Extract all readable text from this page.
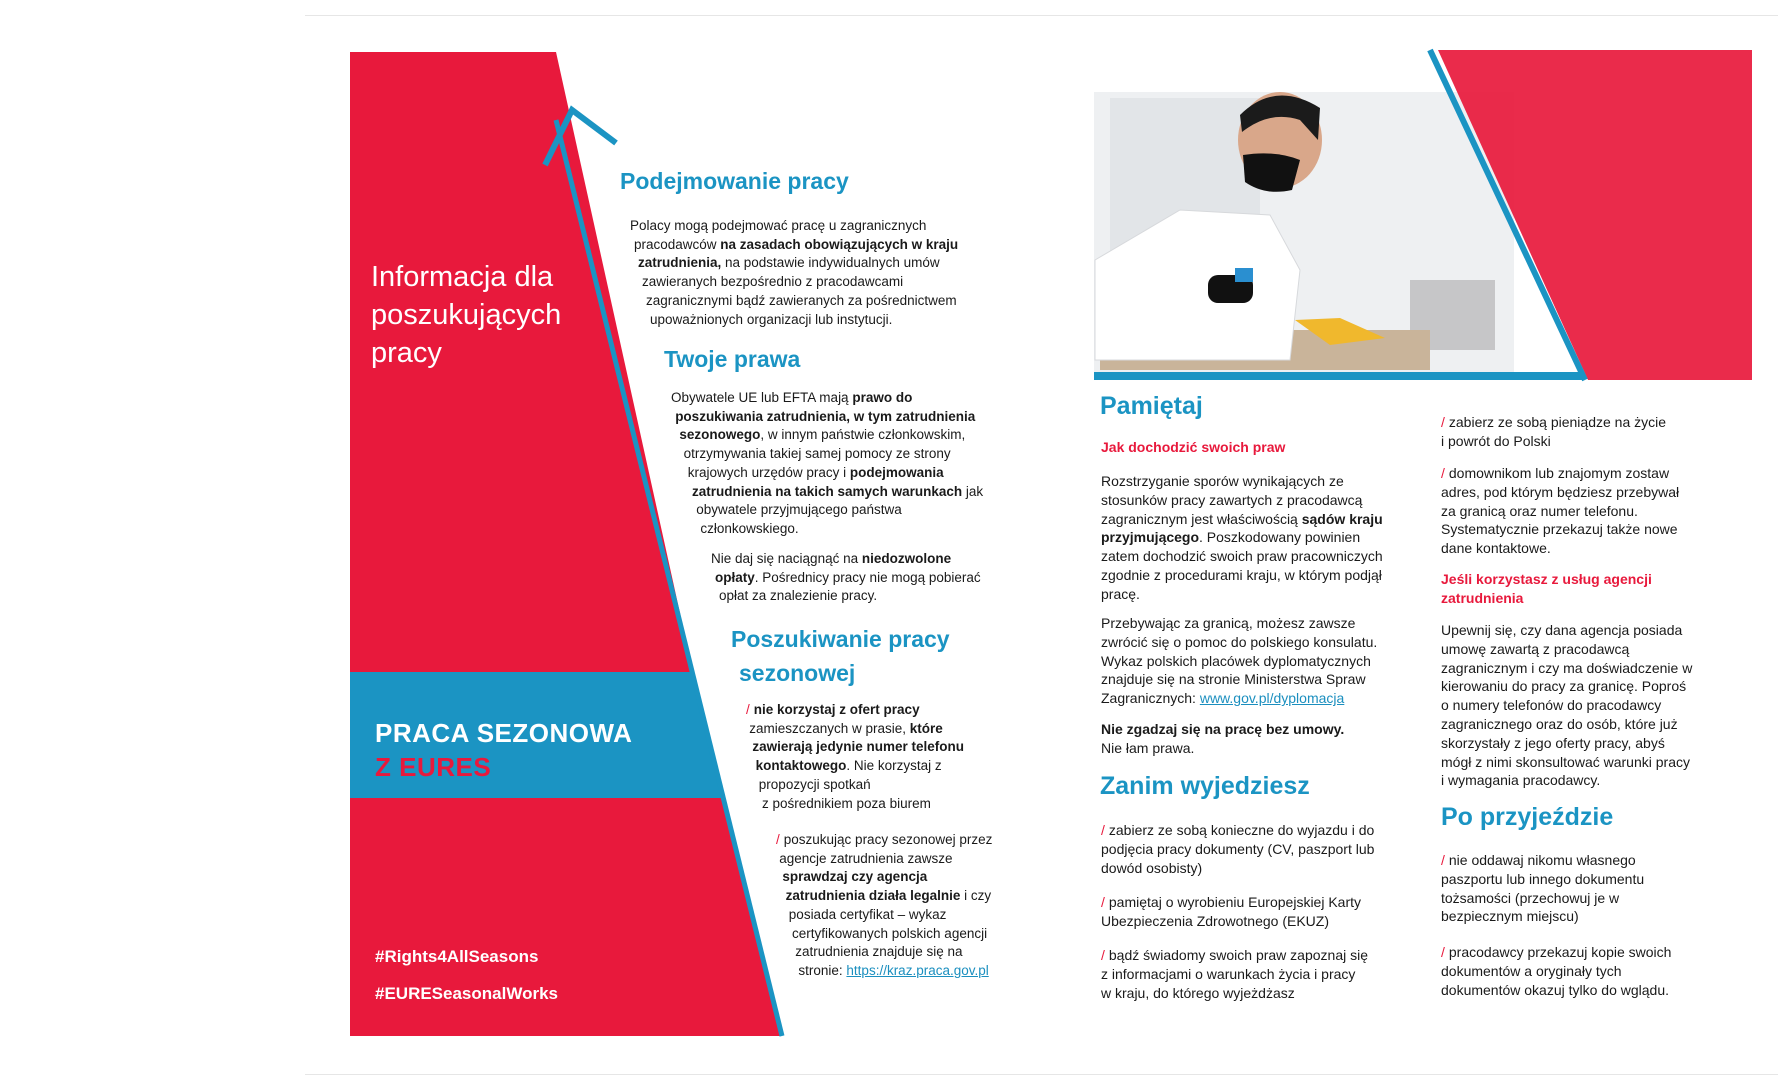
Informacja dla
poszukujących
pracy
PRACA SEZONOWA
Z EURES
#Rights4AllSeasons
#EURESeasonalWorks
Podejmowanie pracy
Polacy mogą podejmować pracę u zagranicznych
pracodawców na zasadach obowiązujących w kraju
zatrudnienia, na podstawie indywidualnych umów
zawieranych bezpośrednio z pracodawcami
zagranicznymi bądź zawieranych za pośrednictwem
upoważnionych organizacji lub instytucji.
Twoje prawa
Obywatele UE lub EFTA mają prawo do
poszukiwania zatrudnienia, w tym zatrudnienia
sezonowego, w innym państwie członkowskim,
otrzymywania takiej samej pomocy ze strony
krajowych urzędów pracy i podejmowania
zatrudnienia na takich samych warunkach jak
obywatele przyjmującego państwa
członkowskiego.
Nie daj się naciągnąć na niedozwolone
opłaty. Pośrednicy pracy nie mogą pobierać
opłat za znalezienie pracy.
Poszukiwanie pracy
sezonowej
/ nie korzystaj z ofert pracy
zamieszczanych w prasie, które
zawierają jedynie numer telefonu
kontaktowego. Nie korzystaj z
propozycji spotkań
z pośrednikiem poza biurem
/ poszukując pracy sezonowej przez
agencje zatrudnienia zawsze
sprawdzaj czy agencja
zatrudnienia działa legalnie i czy
posiada certyfikat – wykaz
certyfikowanych polskich agencji
zatrudnienia znajduje się na
stronie: https://kraz.praca.gov.pl
Pamiętaj
Jak dochodzić swoich praw
Rozstrzyganie sporów wynikających ze
stosunków pracy zawartych z pracodawcą
zagranicznym jest właściwością sądów kraju
przyjmującego. Poszkodowany powinien
zatem dochodzić swoich praw pracowniczych
zgodnie z procedurami kraju, w którym podjął
pracę.
Przebywając za granicą, możesz zawsze
zwrócić się o pomoc do polskiego konsulatu.
Wykaz polskich placówek dyplomatycznych
znajduje się na stronie Ministerstwa Spraw
Zagranicznych: www.gov.pl/dyplomacja
Nie zgadzaj się na pracę bez umowy.
Nie łam prawa.
Zanim wyjedziesz
/ zabierz ze sobą konieczne do wyjazdu i do
podjęcia pracy dokumenty (CV, paszport lub
dowód osobisty)
/ pamiętaj o wyrobieniu Europejskiej Karty
Ubezpieczenia Zdrowotnego (EKUZ)
/ bądź świadomy swoich praw zapoznaj się
z informacjami o warunkach życia i pracy
w kraju, do którego wyjeżdżasz
/ zabierz ze sobą pieniądze na życie
i powrót do Polski
/ domownikom lub znajomym zostaw
adres, pod którym będziesz przebywał
za granicą oraz numer telefonu.
Systematycznie przekazuj także nowe
dane kontaktowe.
Jeśli korzystasz z usług agencji
zatrudnienia
Upewnij się, czy dana agencja posiada
umowę zawartą z pracodawcą
zagranicznym i czy ma doświadczenie w
kierowaniu do pracy za granicę. Poproś
o numery telefonów do pracodawcy
zagranicznego oraz do osób, które już
skorzystały z jego oferty pracy, abyś
mógł z nimi skonsultować warunki pracy
i wymagania pracodawcy.
Po przyjeździe
/ nie oddawaj nikomu własnego
paszportu lub innego dokumentu
tożsamości (przechowuj je w
bezpiecznym miejscu)
/ pracodawcy przekazuj kopie swoich
dokumentów a oryginały tych
dokumentów okazuj tylko do wglądu.
